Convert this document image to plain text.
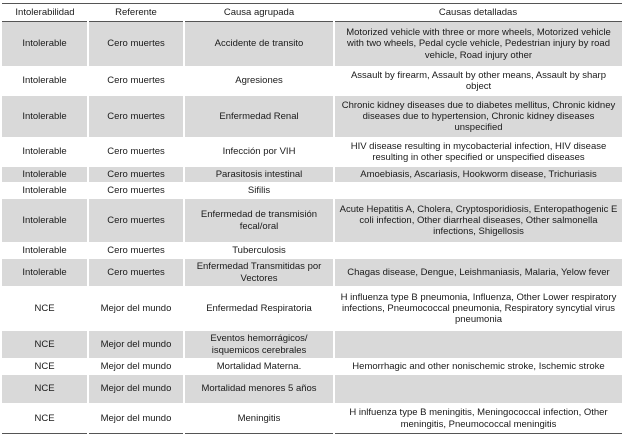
Intolerabilidad	Referente	Causa agrupada	Causas detalladas
Intolerable	Cero muertes	Accidente de transito	Motorized vehicle with three or more wheels, Motorized vehicle with two wheels, Pedal cycle vehicle, Pedestrian injury by road vehicle, Road injury other
Intolerable	Cero muertes	Agresiones	Assault by firearm, Assault by other means, Assault by sharp object
Intolerable	Cero muertes	Enfermedad Renal	Chronic kidney diseases due to diabetes mellitus, Chronic kidney diseases due to hypertension, Chronic kidney diseases unspecified
Intolerable	Cero muertes	Infección por VIH	HIV disease resulting in mycobacterial infection, HIV disease resulting in other specified or unspecified diseases
Intolerable	Cero muertes	Parasitosis intestinal	Amoebiasis, Ascariasis, Hookworm disease, Trichuriasis
Intolerable	Cero muertes	Sifilis	
Intolerable	Cero muertes	Enfermedad de transmisión fecal/oral	Acute Hepatitis A, Cholera, Cryptosporidiosis, Enteropathogenic E coli infection, Other diarrheal diseases, Other salmonella infections, Shigellosis
Intolerable	Cero muertes	Tuberculosis	
Intolerable	Cero muertes	Enfermedad Transmitidas por Vectores	Chagas disease, Dengue, Leishmaniasis, Malaria, Yelow fever
NCE	Mejor del mundo	Enfermedad Respiratoria	H influenza type B pneumonia, Influenza, Other Lower respiratory infections, Pneumococcal pneumonia, Respiratory syncytial virus pneumonia
NCE	Mejor del mundo	Eventos hemorrágicos/ isquemicos cerebrales	
NCE	Mejor del mundo	Mortalidad Materna.	Hemorrhagic and other nonischemic stroke, Ischemic stroke
NCE	Mejor del mundo	Mortalidad menores 5 años	
NCE	Mejor del mundo	Meningitis	H inlfuenza type B meningitis, Meningococcal infection, Other meningitis, Pneumococcal meningitis
